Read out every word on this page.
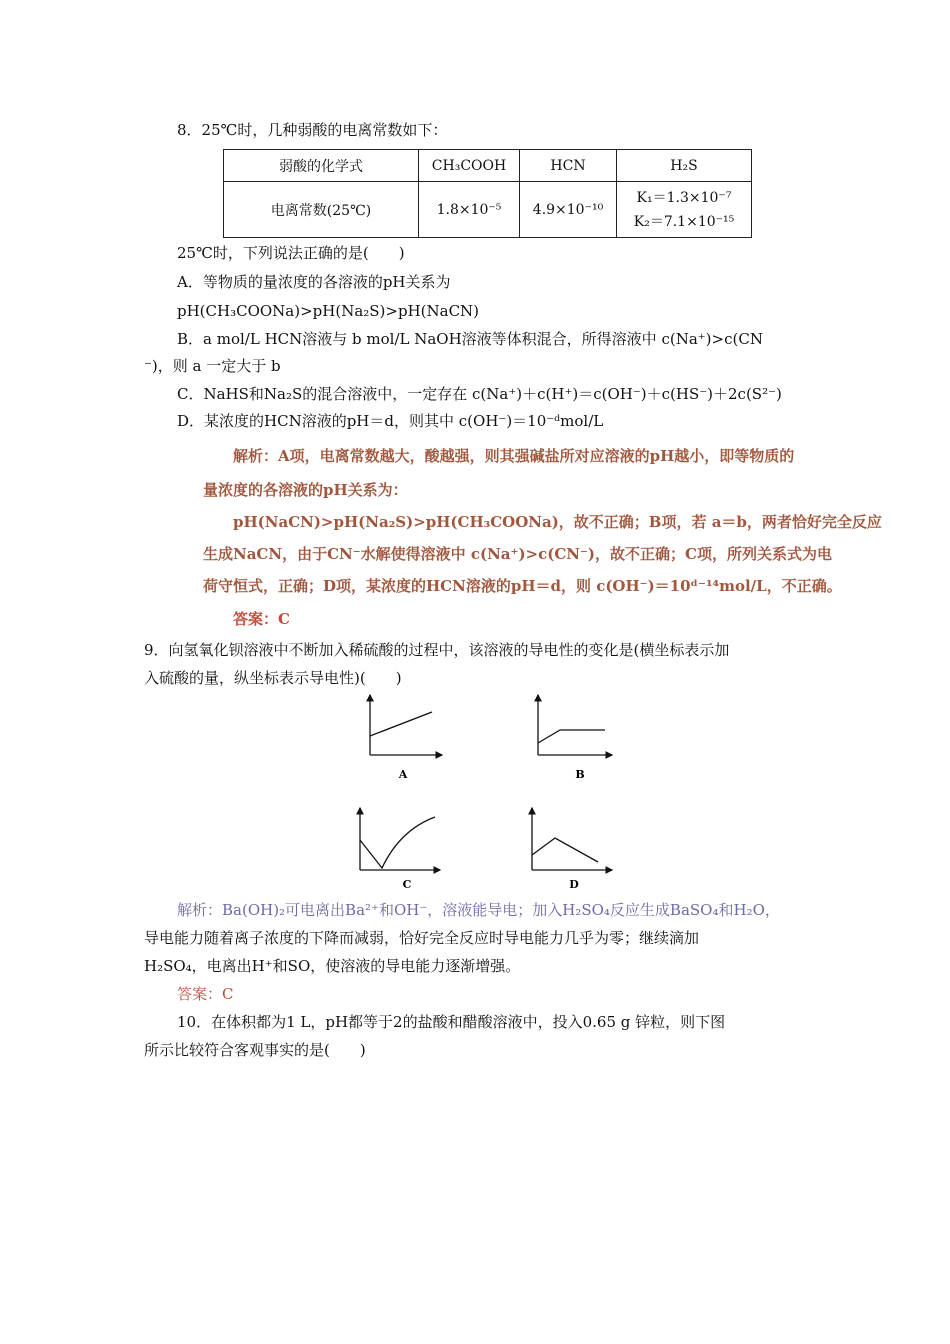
8．25℃时，几种弱酸的电离常数如下：
弱酸的化学式	CH₃COOH	HCN	H₂S
电离常数(25℃)	1.8×10⁻⁵	4.9×10⁻¹⁰	K₁＝1.3×10⁻⁷
K₂＝7.1×10⁻¹⁵
25℃时，下列说法正确的是(　　)
A．等物质的量浓度的各溶液的pH关系为
pH(CH₃COONa)>pH(Na₂S)>pH(NaCN)
B．a mol/L HCN溶液与 b mol/L NaOH溶液等体积混合，所得溶液中 c(Na⁺)>c(CN
⁻)，则 a 一定大于 b
C．NaHS和Na₂S的混合溶液中，一定存在 c(Na⁺)＋c(H⁺)＝c(OH⁻)＋c(HS⁻)＋2c(S²⁻)
D．某浓度的HCN溶液的pH＝d，则其中 c(OH⁻)＝10⁻ᵈmol/L
解析：A项，电离常数越大，酸越强，则其强碱盐所对应溶液的pH越小，即等物质的
量浓度的各溶液的pH关系为：
pH(NaCN)>pH(Na₂S)>pH(CH₃COONa)，故不正确；B项，若 a＝b，两者恰好完全反应
生成NaCN，由于CN⁻水解使得溶液中 c(Na⁺)>c(CN⁻)，故不正确；C项，所列关系式为电
荷守恒式，正确；D项，某浓度的HCN溶液的pH＝d，则 c(OH⁻)＝10ᵈ⁻¹⁴mol/L，不正确。
答案：C
9．向氢氧化钡溶液中不断加入稀硫酸的过程中，该溶液的导电性的变化是(横坐标表示加
入硫酸的量，纵坐标表示导电性)(　　)
A	B
C	D
解析：Ba(OH)₂可电离出Ba²⁺和OH⁻，溶液能导电；加入H₂SO₄反应生成BaSO₄和H₂O，
导电能力随着离子浓度的下降而减弱，恰好完全反应时导电能力几乎为零；继续滴加
H₂SO₄，电离出H⁺和SO，使溶液的导电能力逐渐增强。
答案：C
10．在体积都为1 L，pH都等于2的盐酸和醋酸溶液中，投入0.65 g 锌粒，则下图
所示比较符合客观事实的是(　　)
